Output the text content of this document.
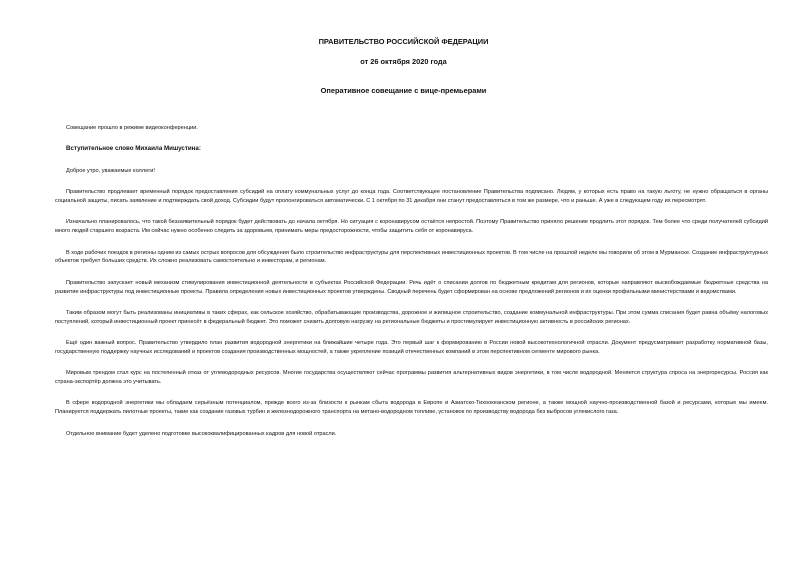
ПРАВИТЕЛЬСТВО РОССИЙСКОЙ ФЕДЕРАЦИИ
от 26 октября 2020 года
Оперативное совещание с вице-премьерами

Совещание прошло в режиме видеоконференции.

Вступительное слово Михаила Мишустина:

Доброе утро, уважаемые коллеги!

Правительство продлевает временный порядок предоставления субсидий на оплату коммунальных услуг до конца года. Соответствующее постановление Правительства подписано. Людям, у которых есть право на такую льготу, не нужно обращаться в органы социальной защиты, писать заявление и подтверждать свой доход. Субсидии будут пролонгироваться автоматически. С 1 октября по 31 декабря они станут предоставляться в том же размере, что и раньше. А уже в следующем году их пересмотрят.

Изначально планировалось, что такой беззаявительный порядок будет действовать до начала октября. Но ситуация с коронавирусом остаётся непростой. Поэтому Правительство приняло решение продлить этот порядок. Тем более что среди получателей субсидий много людей старшего возраста. Им сейчас нужно особенно следить за здоровьем, принимать меры предосторожности, чтобы защитить себя от коронавируса.

В ходе рабочих поездок в регионы одним из самых острых вопросов для обсуждения было строительство инфраструктуры для перспективных инвестиционных проектов. В том числе на прошлой неделе мы говорили об этом в Мурманске. Создание инфраструктурных объектов требует больших средств. Их сложно реализовать самостоятельно и инвесторам, и регионам.

Правительство запускает новый механизм стимулирования инвестиционной деятельности в субъектах Российской Федерации. Речь идёт о списании долгов по бюджетным кредитам для регионов, которые направляют высвобождаемые бюджетные средства на развитие инфраструктуры под инвестиционные проекты. Правила определения новых инвестиционных проектов утверждены. Сводный перечень будет сформирован на основе предложений регионов и их оценки профильными министерствами и ведомствами.

Таким образом могут быть реализованы инициативы в таких сферах, как сельское хозяйство, обрабатывающие производства, дорожное и жилищное строительство, создание коммунальной инфраструктуры. При этом сумма списания будет равна объёму налоговых поступлений, который инвестиционный проект принесёт в федеральный бюджет. Это поможет снизить долговую нагрузку на региональные бюджеты и простимулирует инвестиционную активность в российских регионах.

Ещё один важный вопрос. Правительство утвердило план развития водородной энергетики на ближайшие четыре года. Это первый шаг к формированию в России новой высокотехнологичной отрасли. Документ предусматривает разработку нормативной базы, государственную поддержку научных исследований и проектов создания производственных мощностей, а также укрепление позиций отечественных компаний в этом перспективном сегменте мирового рынка.

Мировым трендом стал курс на постепенный отказ от углеводородных ресурсов. Многие государства осуществляют сейчас программы развития альтернативных видов энергетики, в том числе водородной. Меняется структура спроса на энергоресурсы. Россия как страна-экспортёр должна это учитывать.

В сфере водородной энергетики мы обладаем серьёзным потенциалом, прежде всего из-за близости к рынкам сбыта водорода в Европе и Азиатско-Тихоокеанском регионе, а также мощной научно-производственной базой и ресурсами, которые мы имеем. Планируется поддержать пилотные проекты, такие как создание газовых турбин и железнодорожного транспорта на метано-водородном топливе, установок по производству водорода без выбросов углекислого газа.

Отдельное внимание будет уделено подготовке высококвалифицированных кадров для новой отрасли.
